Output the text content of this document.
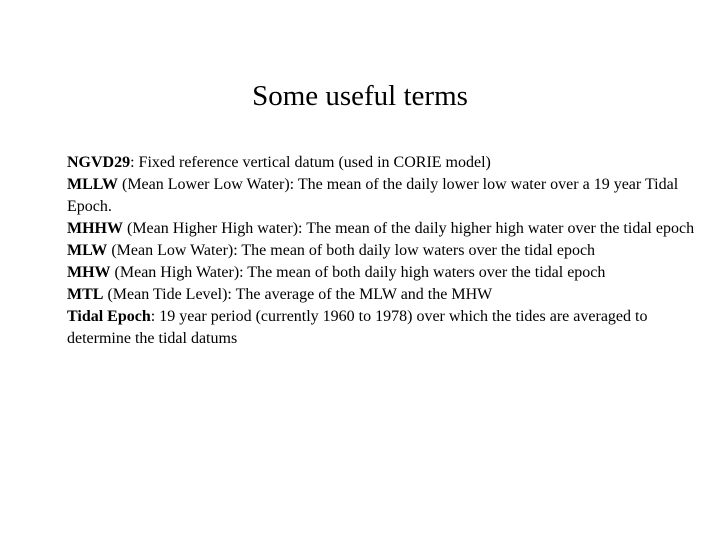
Some useful terms

NGVD29: Fixed reference vertical datum (used in CORIE model)

MLLW (Mean Lower Low Water): The mean of the daily lower low water over a 19 year Tidal Epoch.

MHHW (Mean Higher High water): The mean of the daily higher high water over the tidal epoch

MLW (Mean Low Water): The mean of both daily low waters over the tidal epoch

MHW (Mean High Water): The mean of both daily high waters over the tidal epoch

MTL (Mean Tide Level): The average of the MLW and the MHW

Tidal Epoch: 19 year period (currently 1960 to 1978) over which the tides are averaged to determine the tidal datums
